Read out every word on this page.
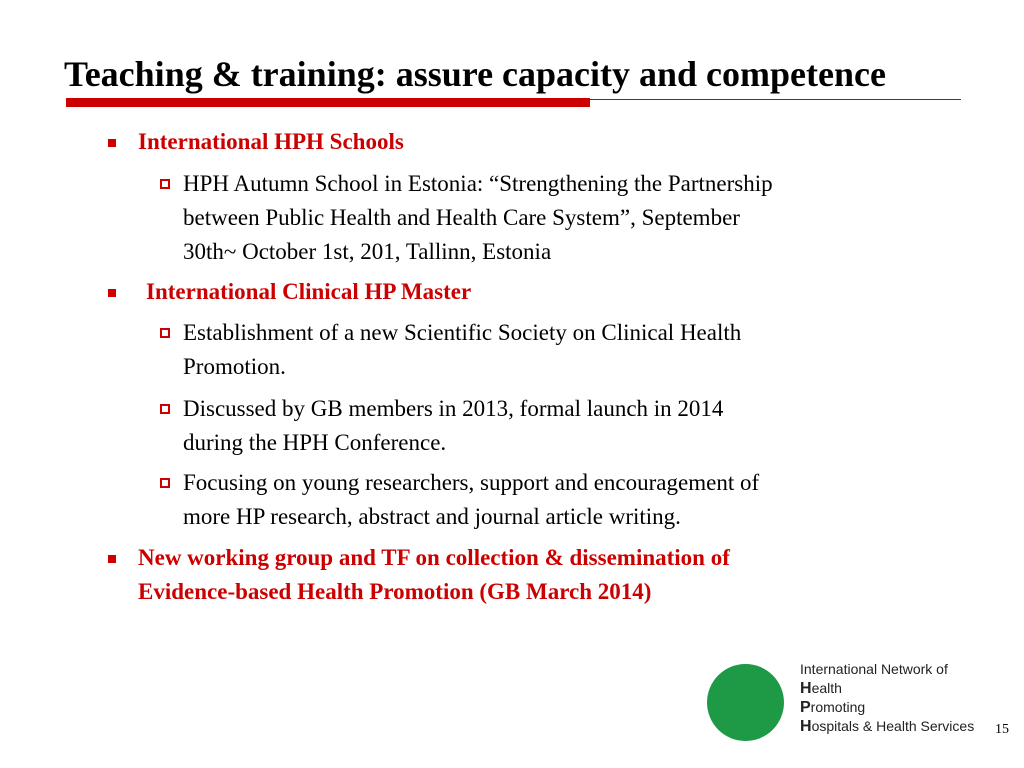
Teaching & training: assure capacity and competence
International HPH Schools
HPH Autumn School in Estonia: “Strengthening the Partnership
between Public Health and Health Care System”, September
30th~ October 1st, 201, Tallinn, Estonia
International Clinical HP Master
Establishment of a new Scientific Society on Clinical Health
Promotion.
Discussed by GB members in 2013, formal launch in 2014
during the HPH Conference.
Focusing on young researchers, support and encouragement of
more HP research, abstract and journal article writing.
New working group and TF on collection & dissemination of
Evidence-based Health Promotion (GB March 2014)
International Network of
Health
Promoting
Hospitals & Health Services 15
